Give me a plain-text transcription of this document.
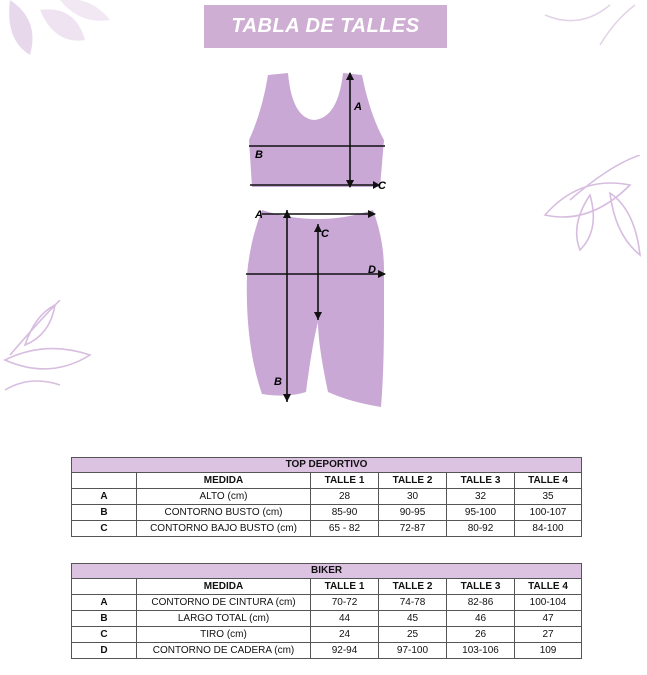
TABLA DE TALLES
A
B
C
A
C
D
B
TOP DEPORTIVO					
	MEDIDA	TALLE 1	TALLE 2	TALLE 3	TALLE 4
A	ALTO (cm)	28	30	32	35
B	CONTORNO BUSTO (cm)	85-90	90-95	95-100	100-107
C	CONTORNO BAJO BUSTO (cm)	65 - 82	72-87	80-92	84-100
BIKER					
	MEDIDA	TALLE 1	TALLE 2	TALLE 3	TALLE 4
A	CONTORNO DE CINTURA (cm)	70-72	74-78	82-86	100-104
B	LARGO TOTAL (cm)	44	45	46	47
C	TIRO (cm)	24	25	26	27
D	CONTORNO DE CADERA (cm)	92-94	97-100	103-106	109
